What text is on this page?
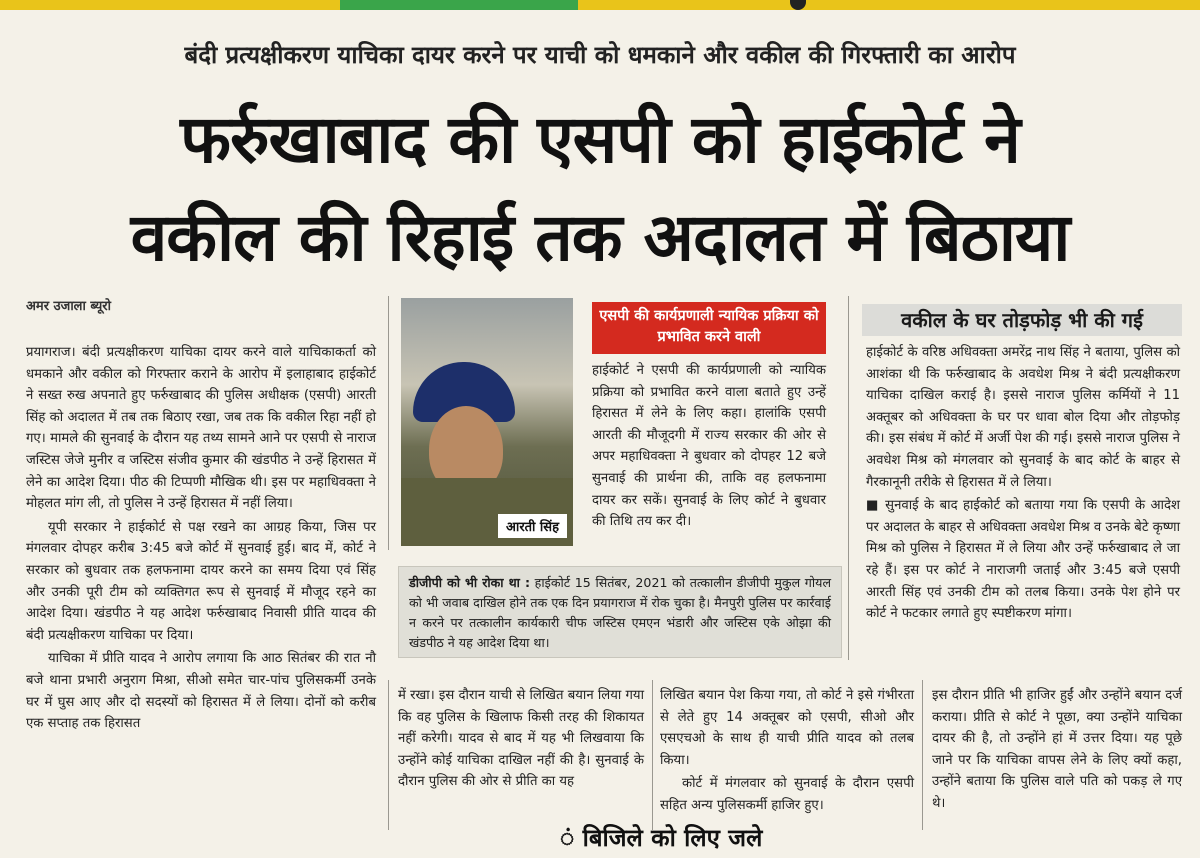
बंदी प्रत्यक्षीकरण याचिका दायर करने पर याची को धमकाने और वकील की गिरफ्तारी का आरोप
फर्रुखाबाद की एसपी को हाईकोर्ट ने
वकील की रिहाई तक अदालत में बिठाया
अमर उजाला ब्यूरो

प्रयागराज। बंदी प्रत्यक्षीकरण याचिका दायर करने वाले याचिकाकर्ता को धमकाने और वकील को गिरफ्तार कराने के आरोप में इलाहाबाद हाईकोर्ट ने सख्त रुख अपनाते हुए फर्रुखाबाद की पुलिस अधीक्षक (एसपी) आरती सिंह को अदालत में तब तक बिठाए रखा, जब तक कि वकील रिहा नहीं हो गए। मामले की सुनवाई के दौरान यह तथ्य सामने आने पर एसपी से नाराज जस्टिस जेजे मुनीर व जस्टिस संजीव कुमार की खंडपीठ ने उन्हें हिरासत में लेने का आदेश दिया। पीठ की टिप्पणी मौखिक थी। इस पर महाधिवक्ता ने मोहलत मांग ली, तो पुलिस ने उन्हें हिरासत में नहीं लिया।

यूपी सरकार ने हाईकोर्ट से पक्ष रखने का आग्रह किया, जिस पर मंगलवार दोपहर करीब 3:45 बजे कोर्ट में सुनवाई हुई। बाद में, कोर्ट ने सरकार को बुधवार तक हलफनामा दायर करने का समय दिया एवं सिंह और उनकी पूरी टीम को व्यक्तिगत रूप से सुनवाई में मौजूद रहने का आदेश दिया। खंडपीठ ने यह आदेश फर्रुखाबाद निवासी प्रीति यादव की बंदी प्रत्यक्षीकरण याचिका पर दिया।

याचिका में प्रीति यादव ने आरोप लगाया कि आठ सितंबर की रात नौ बजे थाना प्रभारी अनुराग मिश्रा, सीओ समेत चार-पांच पुलिसकर्मी उनके घर में घुस आए और दो सदस्यों को हिरासत में ले लिया। दोनों को करीब एक सप्ताह तक हिरासत

आरती सिंह
एसपी की कार्यप्रणाली न्यायिक प्रक्रिया को प्रभावित करने वाली
हाईकोर्ट ने एसपी की कार्यप्रणाली को न्यायिक प्रक्रिया को प्रभावित करने वाला बताते हुए उन्हें हिरासत में लेने के लिए कहा। हालांकि एसपी आरती की मौजूदगी में राज्य सरकार की ओर से अपर महाधिवक्ता ने बुधवार को दोपहर 12 बजे सुनवाई की प्रार्थना की, ताकि वह हलफनामा दायर कर सकें। सुनवाई के लिए कोर्ट ने बुधवार की तिथि तय कर दी।
वकील के घर तोड़फोड़ भी की गई

हाईकोर्ट के वरिष्ठ अधिवक्ता अमरेंद्र नाथ सिंह ने बताया, पुलिस को आशंका थी कि फर्रुखाबाद के अवधेश मिश्र ने बंदी प्रत्यक्षीकरण याचिका दाखिल कराई है। इससे नाराज पुलिस कर्मियों ने 11 अक्तूबर को अधिवक्ता के घर पर धावा बोल दिया और तोड़फोड़ की। इस संबंध में कोर्ट में अर्जी पेश की गई। इससे नाराज पुलिस ने अवधेश मिश्र को मंगलवार को सुनवाई के बाद कोर्ट के बाहर से गैरकानूनी तरीके से हिरासत में ले लिया।

■ सुनवाई के बाद हाईकोर्ट को बताया गया कि एसपी के आदेश पर अदालत के बाहर से अधिवक्ता अवधेश मिश्र व उनके बेटे कृष्णा मिश्र को पुलिस ने हिरासत में ले लिया और उन्हें फर्रुखाबाद ले जा रहे हैं। इस पर कोर्ट ने नाराजगी जताई और 3:45 बजे एसपी आरती सिंह एवं उनकी टीम को तलब किया। उनके पेश होने पर कोर्ट ने फटकार लगाते हुए स्पष्टीकरण मांगा।

डीजीपी को भी रोका था : हाईकोर्ट 15 सितंबर, 2021 को तत्कालीन डीजीपी मुकुल गोयल को भी जवाब दाखिल होने तक एक दिन प्रयागराज में रोक चुका है। मैनपुरी पुलिस पर कार्रवाई न करने पर तत्कालीन कार्यकारी चीफ जस्टिस एमएन भंडारी और जस्टिस एके ओझा की खंडपीठ ने यह आदेश दिया था।
में रखा। इस दौरान याची से लिखित बयान लिया गया कि वह पुलिस के खिलाफ किसी तरह की शिकायत नहीं करेगी। यादव से बाद में यह भी लिखवाया कि उन्होंने कोई याचिका दाखिल नहीं की है। सुनवाई के दौरान पुलिस की ओर से प्रीति का यह

लिखित बयान पेश किया गया, तो कोर्ट ने इसे गंभीरता से लेते हुए 14 अक्तूबर को एसपी, सीओ और एसएचओ के साथ ही याची प्रीति यादव को तलब किया।

कोर्ट में मंगलवार को सुनवाई के दौरान एसपी सहित अन्य पुलिसकर्मी हाजिर हुए।

इस दौरान प्रीति भी हाजिर हुईं और उन्होंने बयान दर्ज कराया। प्रीति से कोर्ट ने पूछा, क्या उन्होंने याचिका दायर की है, तो उन्होंने हां में उत्तर दिया। यह पूछे जाने पर कि याचिका वापस लेने के लिए क्यों कहा, उन्होंने बताया कि पुलिस वाले पति को पकड़ ले गए थे।
ं बिजिले को लिए जले
